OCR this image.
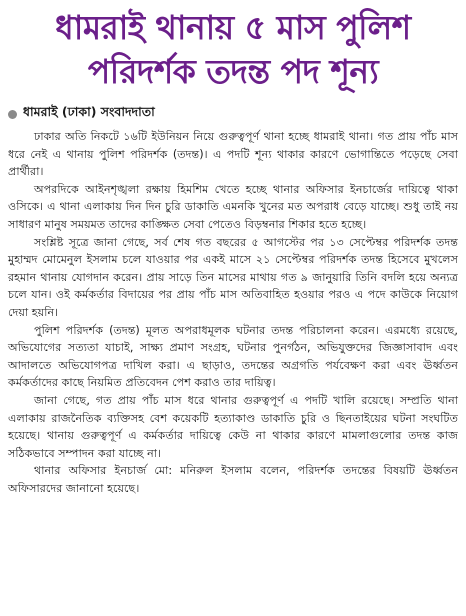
ধামরাই থানায় ৫ মাস পুলিশ
পরিদর্শক তদন্ত পদ শূন্য
ধামরাই (ঢাকা) সংবাদদাতা

ঢাকার অতি নিকটে ১৬টি ইউনিয়ন নিয়ে গুরুত্বপূর্ণ থানা হচ্ছে ধামরাই থানা। গত প্রায় পাঁচ মাস ধরে নেই এ থানায় পুলিশ পরিদর্শক (তদন্ত)। এ পদটি শূন্য থাকার কারণে ভোগান্তিতে পড়েছে সেবা প্রার্থীরা।

অপরদিকে আইনশৃঙ্খলা রক্ষায় হিমশিম খেতে হচ্ছে থানার অফিসার ইনচার্জের দায়িত্বে থাকা ওসিকে। এ থানা এলাকায় দিন দিন চুরি ডাকাতি এমনকি খুনের মত অপরাধ বেড়ে যাচ্ছে। শুধু তাই নয় সাধারণ মানুষ সময়মত তাদের কাঙ্ক্ষিত সেবা পেতেও বিড়ম্বনার শিকার হতে হচ্ছে।

সংশ্লিষ্ট সূত্রে জানা গেছে, সর্ব শেষ গত বছরের ৫ আগস্টের পর ১৩ সেপ্টেম্বর পরিদর্শক তদন্ত মুহাম্মদ মোমেনুল ইসলাম চলে যাওয়ার পর একই মাসে ২১ সেপ্টেম্বর পরিদর্শক তদন্ত হিসেবে মুখলেস রহমান থানায় যোগদান করেন। প্রায় সাড়ে তিন মাসের মাথায় গত ৯ জানুয়ারি তিনি বদলি হয়ে অন্যত্র চলে যান। ওই কর্মকর্তার বিদায়ের পর প্রায় পাঁচ মাস অতিবাহিত হওয়ার পরও এ পদে কাউকে নিয়োগ দেয়া হয়নি।

পুলিশ পরিদর্শক (তদন্ত) মূলত অপরাধমূলক ঘটনার তদন্ত পরিচালনা করেন। এরমধ্যে রয়েছে, অভিযোগের সত্যতা যাচাই, সাক্ষ্য প্রমাণ সংগ্রহ, ঘটনার পুনর্গঠন, অভিযুক্তদের জিজ্ঞাসাবাদ এবং আদালতে অভিযোগপত্র দাখিল করা। এ ছাড়াও, তদন্তের অগ্রগতি পর্যবেক্ষণ করা এবং ঊর্ধ্বতন কর্মকর্তাদের কাছে নিয়মিত প্রতিবেদন পেশ করাও তার দায়িত্ব।

জানা গেছে, গত প্রায় পাঁচ মাস ধরে থানার গুরুত্বপূর্ণ এ পদটি খালি রয়েছে। সম্প্রতি থানা এলাকায় রাজনৈতিক ব্যক্তিসহ বেশ কয়েকটি হত্যাকাণ্ড ডাকাতি চুরি ও ছিনতাইয়ের ঘটনা সংঘটিত হয়েছে। থানায় গুরুত্বপূর্ণ এ কর্মকর্তার দায়িত্বে কেউ না থাকার কারণে মামলাগুলোর তদন্ত কাজ সঠিকভাবে সম্পাদন করা যাচ্ছে না।

থানার অফিসার ইনচার্জ মো: মনিরুল ইসলাম বলেন, পরিদর্শক তদন্তের বিষয়টি ঊর্ধ্বতন অফিসারদের জানানো হয়েছে।
